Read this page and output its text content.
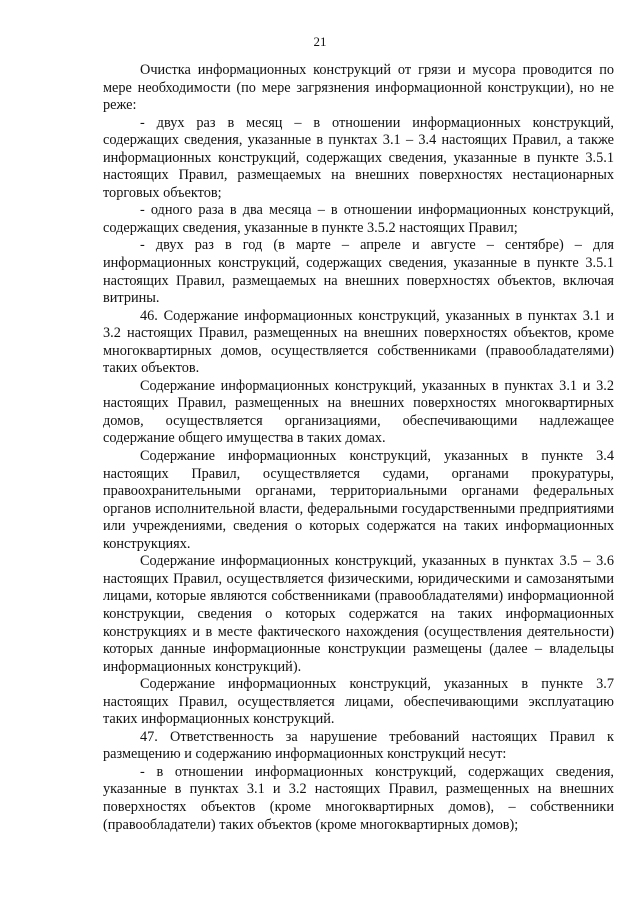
21

Очистка информационных конструкций от грязи и мусора проводится по мере необходимости (по мере загрязнения информационной конструкции), но не реже:

- двух раз в месяц – в отношении информационных конструкций, содержащих сведения, указанные в пунктах 3.1 – 3.4 настоящих Правил, а также информационных конструкций, содержащих сведения, указанные в пункте 3.5.1 настоящих Правил, размещаемых на внешних поверхностях нестационарных торговых объектов;

- одного раза в два месяца – в отношении информационных конструкций, содержащих сведения, указанные в пункте 3.5.2 настоящих Правил;

- двух раз в год (в марте – апреле и августе – сентябре) – для информационных конструкций, содержащих сведения, указанные в пункте 3.5.1 настоящих Правил, размещаемых на внешних поверхностях объектов, включая витрины.

46. Содержание информационных конструкций, указанных в пунктах 3.1 и 3.2 настоящих Правил, размещенных на внешних поверхностях объектов, кроме многоквартирных домов, осуществляется собственниками (правообладателями) таких объектов.

Содержание информационных конструкций, указанных в пунктах 3.1 и 3.2 настоящих Правил, размещенных на внешних поверхностях многоквартирных домов, осуществляется организациями, обеспечивающими надлежащее содержание общего имущества в таких домах.

Содержание информационных конструкций, указанных в пункте 3.4 настоящих Правил, осуществляется судами, органами прокуратуры, правоохранительными органами, территориальными органами федеральных органов исполнительной власти, федеральными государственными предприятиями или учреждениями, сведения о которых содержатся на таких информационных конструкциях.

Содержание информационных конструкций, указанных в пунктах 3.5 – 3.6 настоящих Правил, осуществляется физическими, юридическими и самозанятыми лицами, которые являются собственниками (правообладателями) информационной конструкции, сведения о которых содержатся на таких информационных конструкциях и в месте фактического нахождения (осуществления деятельности) которых данные информационные конструкции размещены (далее – владельцы информационных конструкций).

Содержание информационных конструкций, указанных в пункте 3.7 настоящих Правил, осуществляется лицами, обеспечивающими эксплуатацию таких информационных конструкций.

47. Ответственность за нарушение требований настоящих Правил к размещению и содержанию информационных конструкций несут:

- в отношении информационных конструкций, содержащих сведения, указанные в пунктах 3.1 и 3.2 настоящих Правил, размещенных на внешних поверхностях объектов (кроме многоквартирных домов), – собственники (правообладатели) таких объектов (кроме многоквартирных домов);
